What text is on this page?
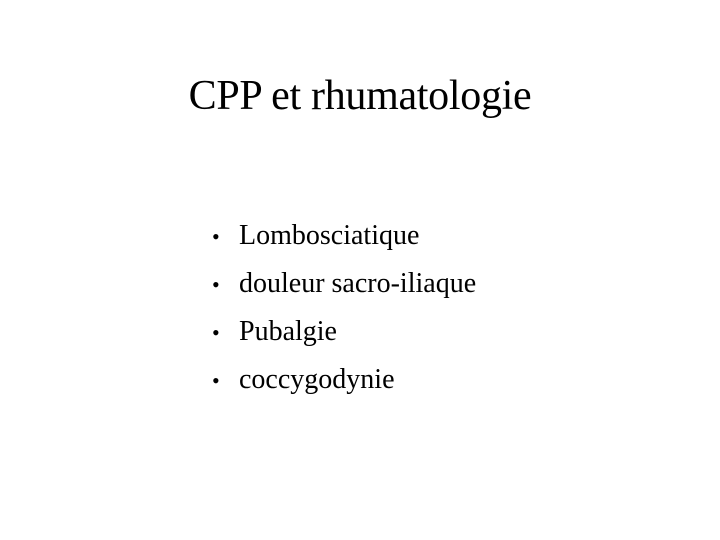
CPP et rhumatologie
• Lombosciatique
• douleur sacro-iliaque
• Pubalgie
• coccygodynie
